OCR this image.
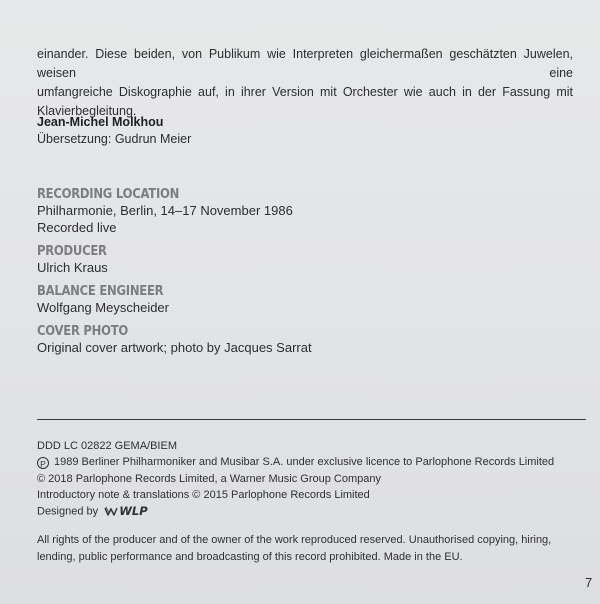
einander. Diese beiden, von Publikum wie Interpreten gleichermaßen geschätzten Juwelen, weisen eine

umfangreiche Diskographie auf, in ihrer Version mit Orchester wie auch in der Fassung mit

Klavierbegleitung.

Jean-Michel Molkhou
Übersetzung: Gudrun Meier
RECORDING LOCATION
Philharmonie, Berlin, 14–17 November 1986
Recorded live
PRODUCER
Ulrich Kraus
BALANCE ENGINEER
Wolfgang Meyscheider
COVER PHOTO
Original cover artwork; photo by Jacques Sarrat
DDD LC 02822 GEMA/BIEM
P 1989 Berliner Philharmoniker and Musibar S.A. under exclusive licence to Parlophone Records Limited
© 2018 Parlophone Records Limited, a Warner Music Group Company
Introductory note & translations © 2015 Parlophone Records Limited
Designed by WLP
All rights of the producer and of the owner of the work reproduced reserved. Unauthorised copying, hiring,
lending, public performance and broadcasting of this record prohibited. Made in the EU.
7
